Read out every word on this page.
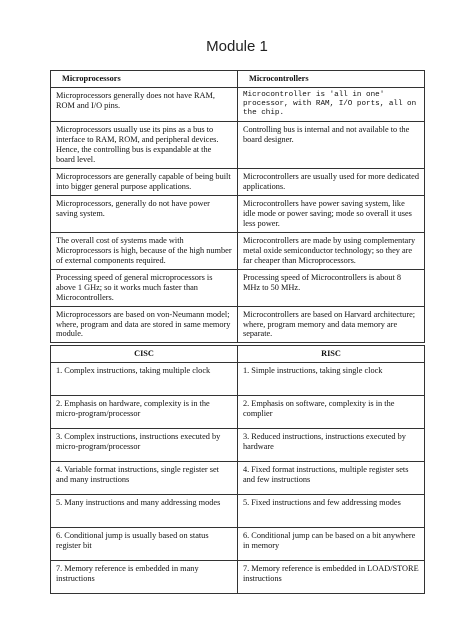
Module 1
Microprocessors	Microcontrollers
Microprocessors generally does not have RAM, ROM and I/O pins.	Microcontroller is 'all in one' processor, with RAM, I/O ports, all on the chip.
Microprocessors usually use its pins as a bus to interface to RAM, ROM, and peripheral devices. Hence, the controlling bus is expandable at the board level.	Controlling bus is internal and not available to the board designer.
Microprocessors are generally capable of being built into bigger general purpose applications.	Microcontrollers are usually used for more dedicated applications.
Microprocessors, generally do not have power saving system.	Microcontrollers have power saving system, like idle mode or power saving; mode so overall it uses less power.
The overall cost of systems made with Microprocessors is high, because of the high number of external components required.	Microcontrollers are made by using complementary metal oxide semiconductor technology; so they are far cheaper than Microprocessors.
Processing speed of general microprocessors is above 1 GHz; so it works much faster than Microcontrollers.	Processing speed of Microcontrollers is about 8 MHz to 50 MHz.
Microprocessors are based on von-Neumann model; where, program and data are stored in same memory module.	Microcontrollers are based on Harvard architecture; where, program memory and data memory are separate.
CISC	RISC
1. Complex instructions, taking multiple clock	1. Simple instructions, taking single clock
2. Emphasis on hardware, complexity is in the micro-program/processor	2. Emphasis on software, complexity is in the complier
3. Complex instructions, instructions executed by micro-program/processor	3. Reduced instructions, instructions executed by hardware
4. Variable format instructions, single register set and many instructions	4. Fixed format instructions, multiple register sets and few instructions
5. Many instructions and many addressing modes	5. Fixed instructions and few addressing modes
6. Conditional jump is usually based on status register bit	6. Conditional jump can be based on a bit anywhere in memory
7. Memory reference is embedded in many instructions	7. Memory reference is embedded in LOAD/STORE instructions
